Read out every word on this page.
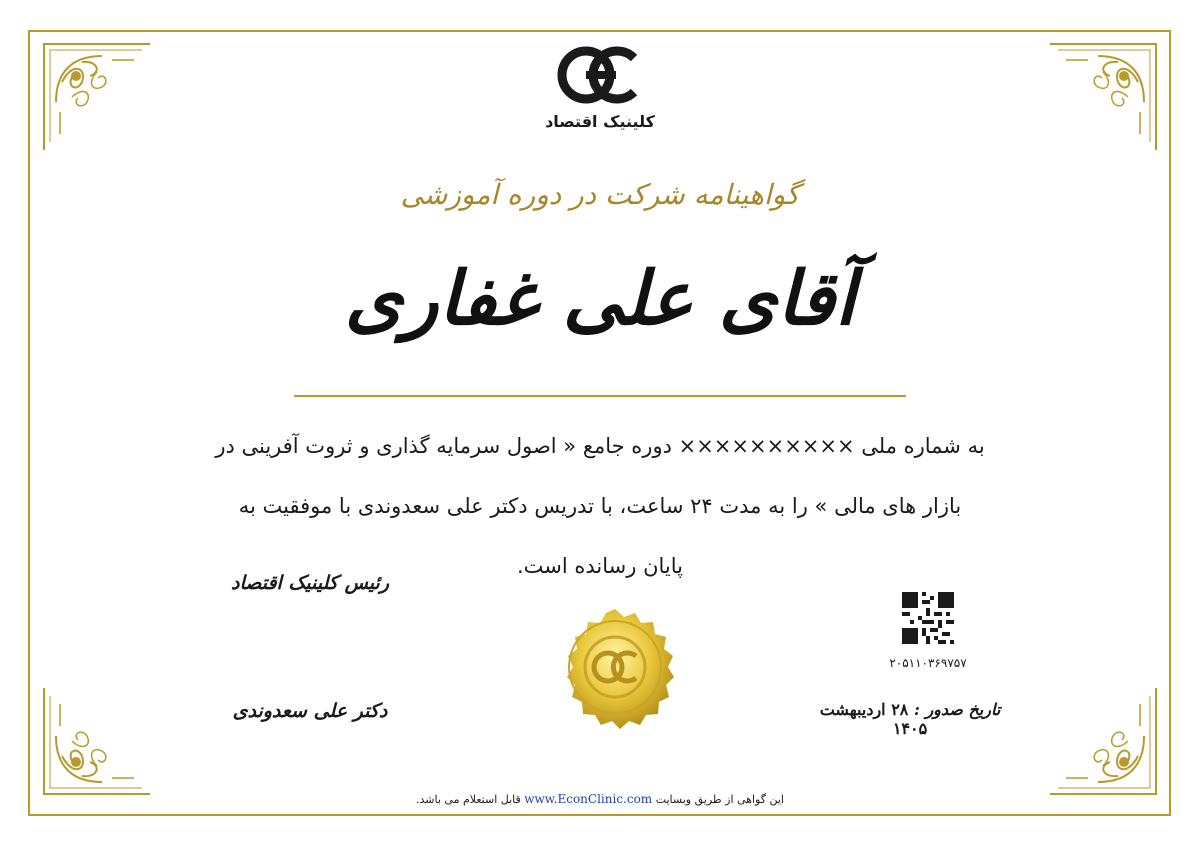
کلینیک اقتصاد
گواهینامه شرکت در دوره آموزشی
آقای علی غفاری
به شماره ملی ×××××××××× دوره جامع « اصول سرمایه گذاری و ثروت آفرینی در
بازار های مالی » را به مدت ۲۴ ساعت، با تدریس دکتر علی سعدوندی با موفقیت به
پایان رسانده است.
رئیس کلینیک اقتصاد
دکتر علی سعدوندی
۲۰۵۱۱۰۳۶۹۷۵۷
تاریخ صدور : ۲۸ اردیبهشت ۱۴۰۵
این گواهی از طریق وبسایت www.EconClinic.com قابل استعلام می باشد.
